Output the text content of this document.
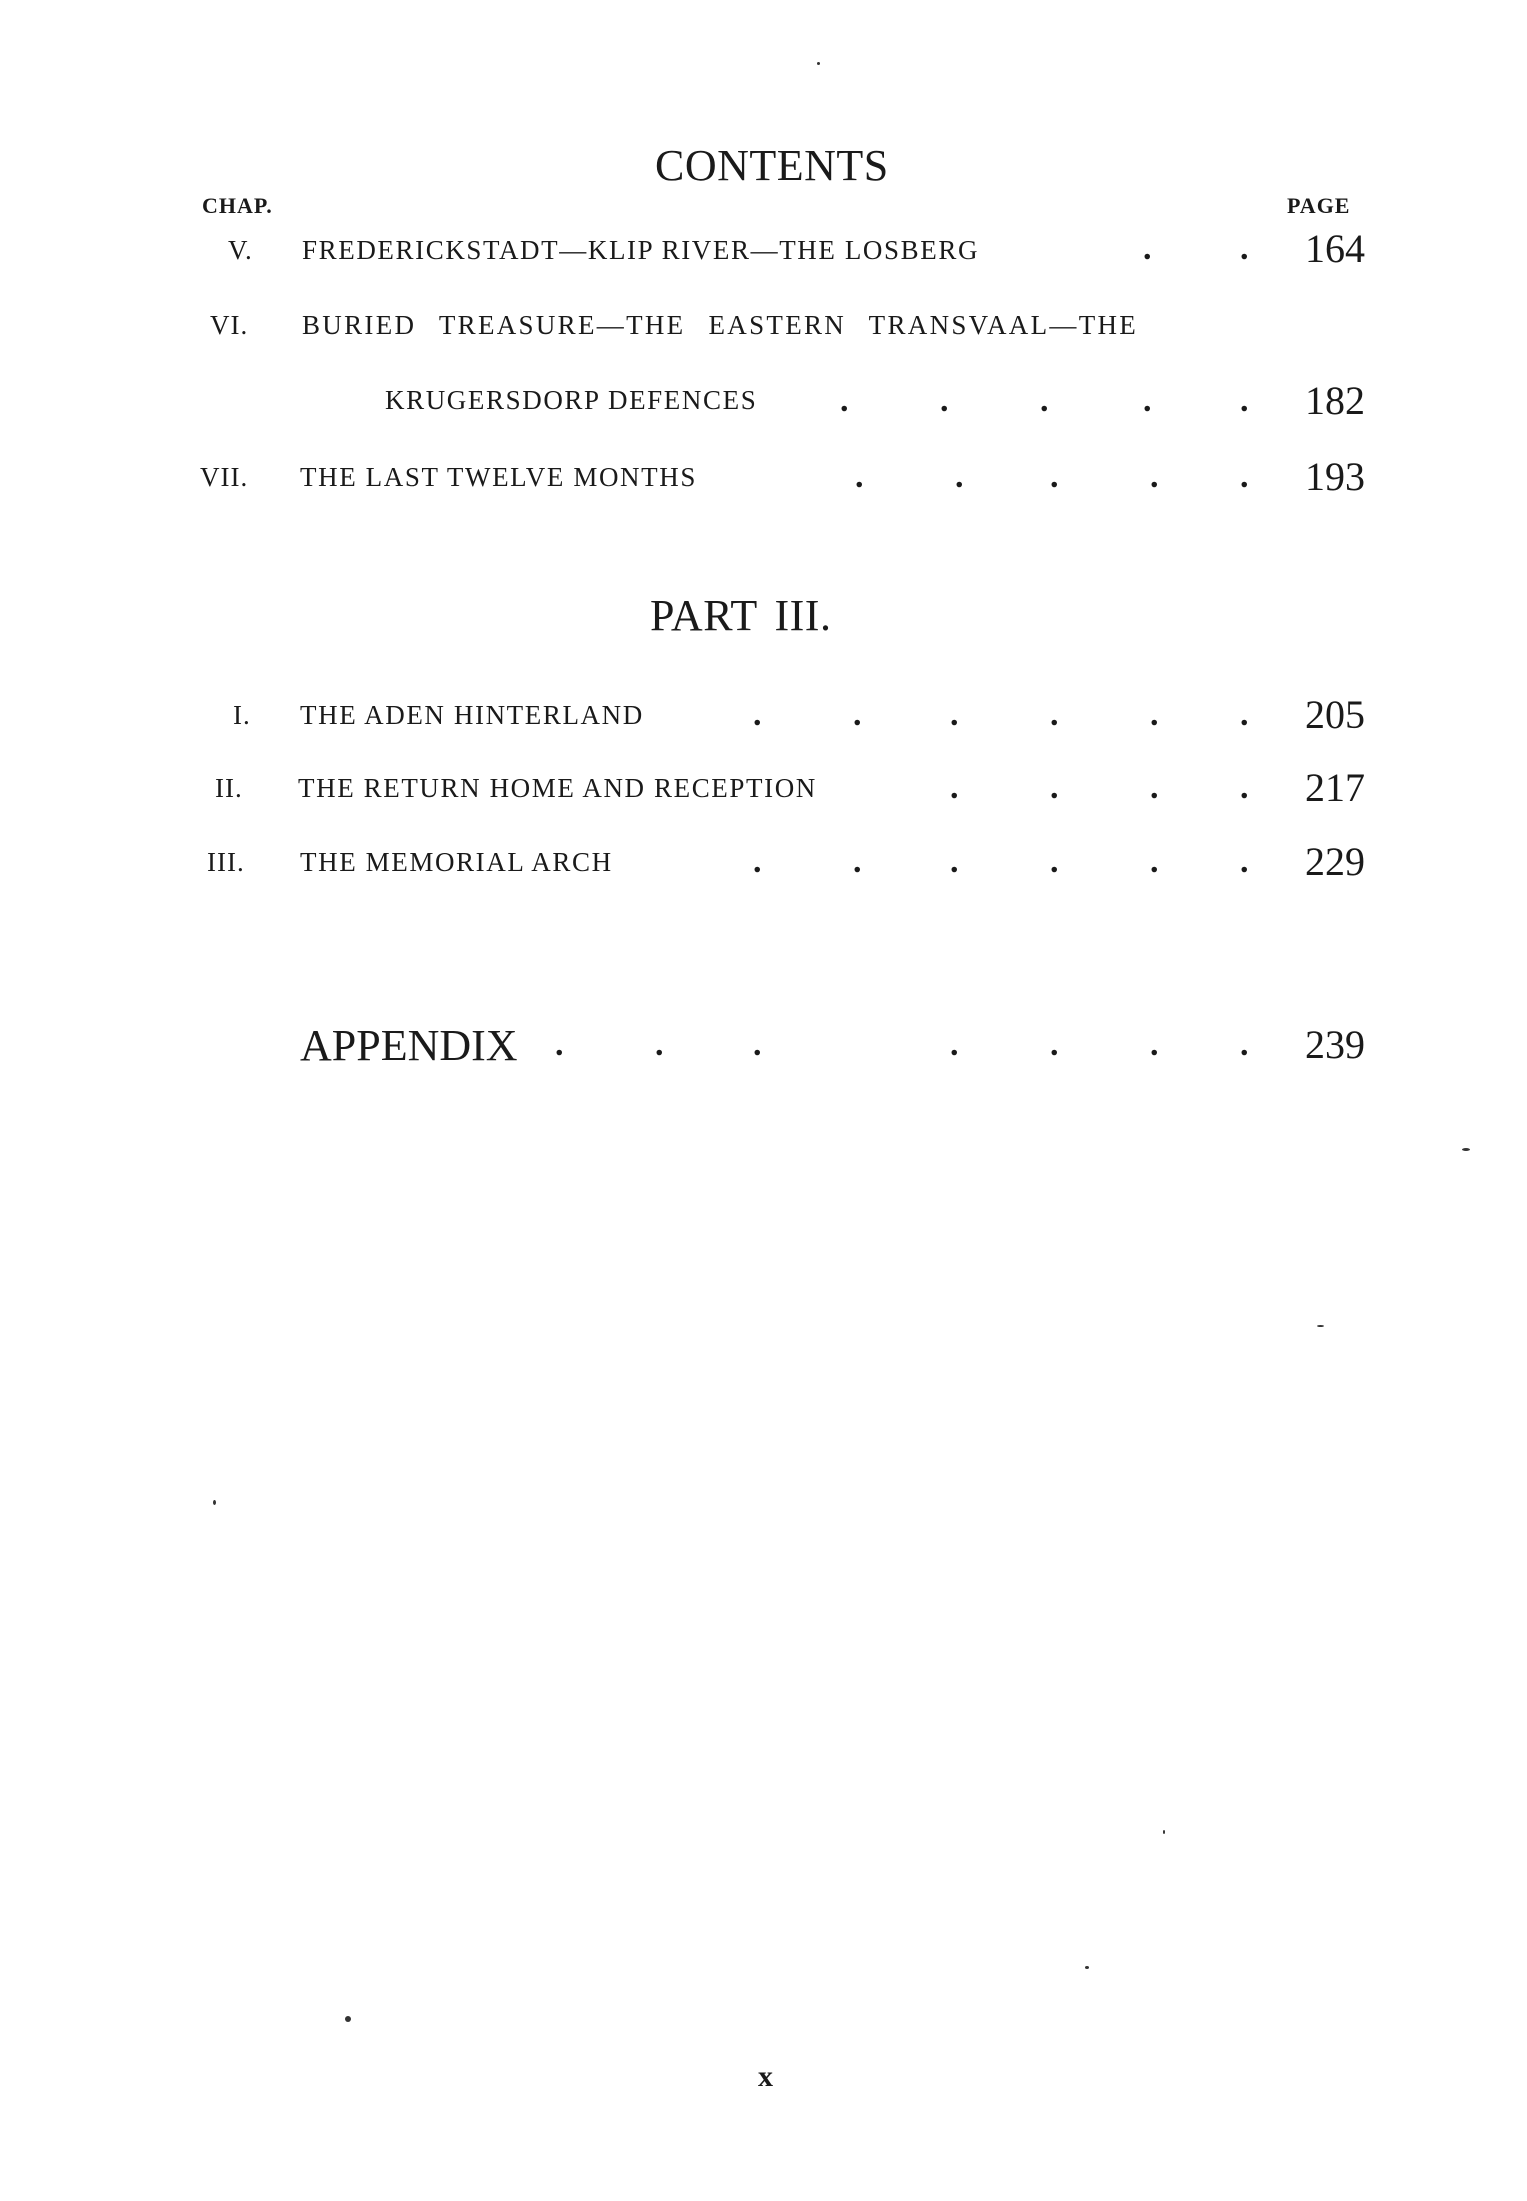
CONTENTS
CHAP.	PAGE
V. FREDERICKSTADT—KLIP RIVER—THE LOSBERG	.	.	164
VI. BURIED TREASURE—THE EASTERN TRANSVAAL—THE
KRUGERSDORP DEFENCES .	.	.	.	.	182
VII. THE LAST TWELVE MONTHS	.	.	.	. .	193
PART III.
I. THE ADEN HINTERLAND	.	.	.	.	. .	205
II. THE RETURN HOME AND RECEPTION	.	.	. .	217
III. THE MEMORIAL ARCH	.	.	.	.	. .	229
APPENDIX .	.	.	.	.	. .	239
x
